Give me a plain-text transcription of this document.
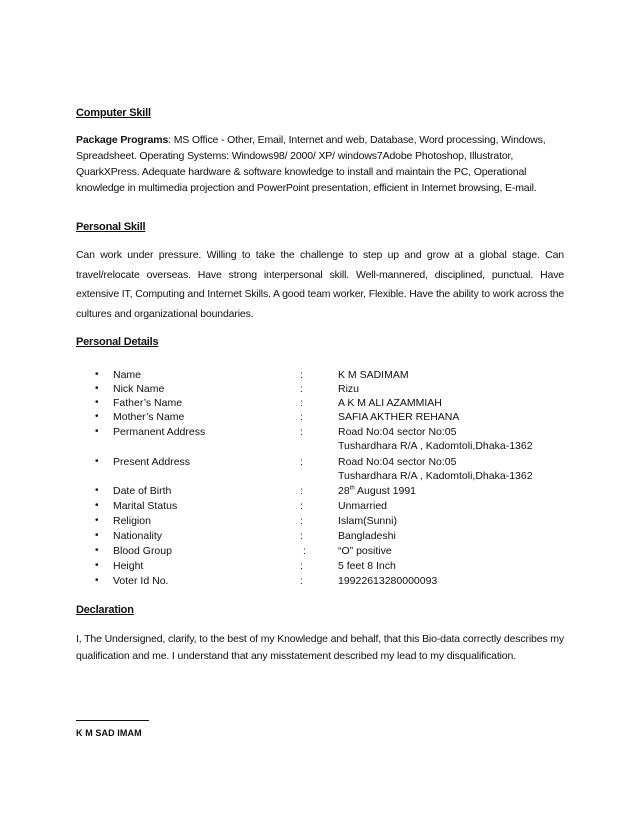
Computer Skill

Package Programs: MS Office - Other, Email, Internet and web, Database, Word processing, Windows, Spreadsheet. Operating Systems: Windows98/ 2000/ XP/ windows7Adobe Photoshop, Illustrator, QuarkXPress. Adequate hardware & software knowledge to install and maintain the PC, Operational knowledge in multimedia projection and PowerPoint presentation, efficient in Internet browsing, E-mail.

Personal Skill

Can work under pressure. Willing to take the challenge to step up and grow at a global stage. Can travel/relocate overseas. Have strong interpersonal skill. Well-mannered, disciplined, punctual. Have extensive IT, Computing and Internet Skills. A good team worker, Flexible. Have the ability to work across the cultures and organizational boundaries.

Personal Details
• Name	:	K M SADIMAM
• Nick Name	:	Rizu
• Father’s Name	:	A K M ALI AZAMMIAH
• Mother’s Name	:	SAFIA AKTHER REHANA
• Permanent Address	:	Road No:04 sector No:05
Tushardhara R/A , Kadomtoli,Dhaka-1362
• Present Address	:	Road No:04 sector No:05
Tushardhara R/A , Kadomtoli,Dhaka-1362
• Date of Birth	:	28th August 1991
• Marital Status	:	Unmarried
• Religion	:	Islam(Sunni)
• Nationality	:	Bangladeshi
• Blood Group	:	“O” positive
• Height	:	5 feet 8 Inch
• Voter Id No.	:	19922613280000093
Declaration

I, The Undersigned, clarify, to the best of my Knowledge and behalf, that this Bio-data correctly describes my qualification and me. I understand that any misstatement described my lead to my disqualification.

K M SAD IMAM
